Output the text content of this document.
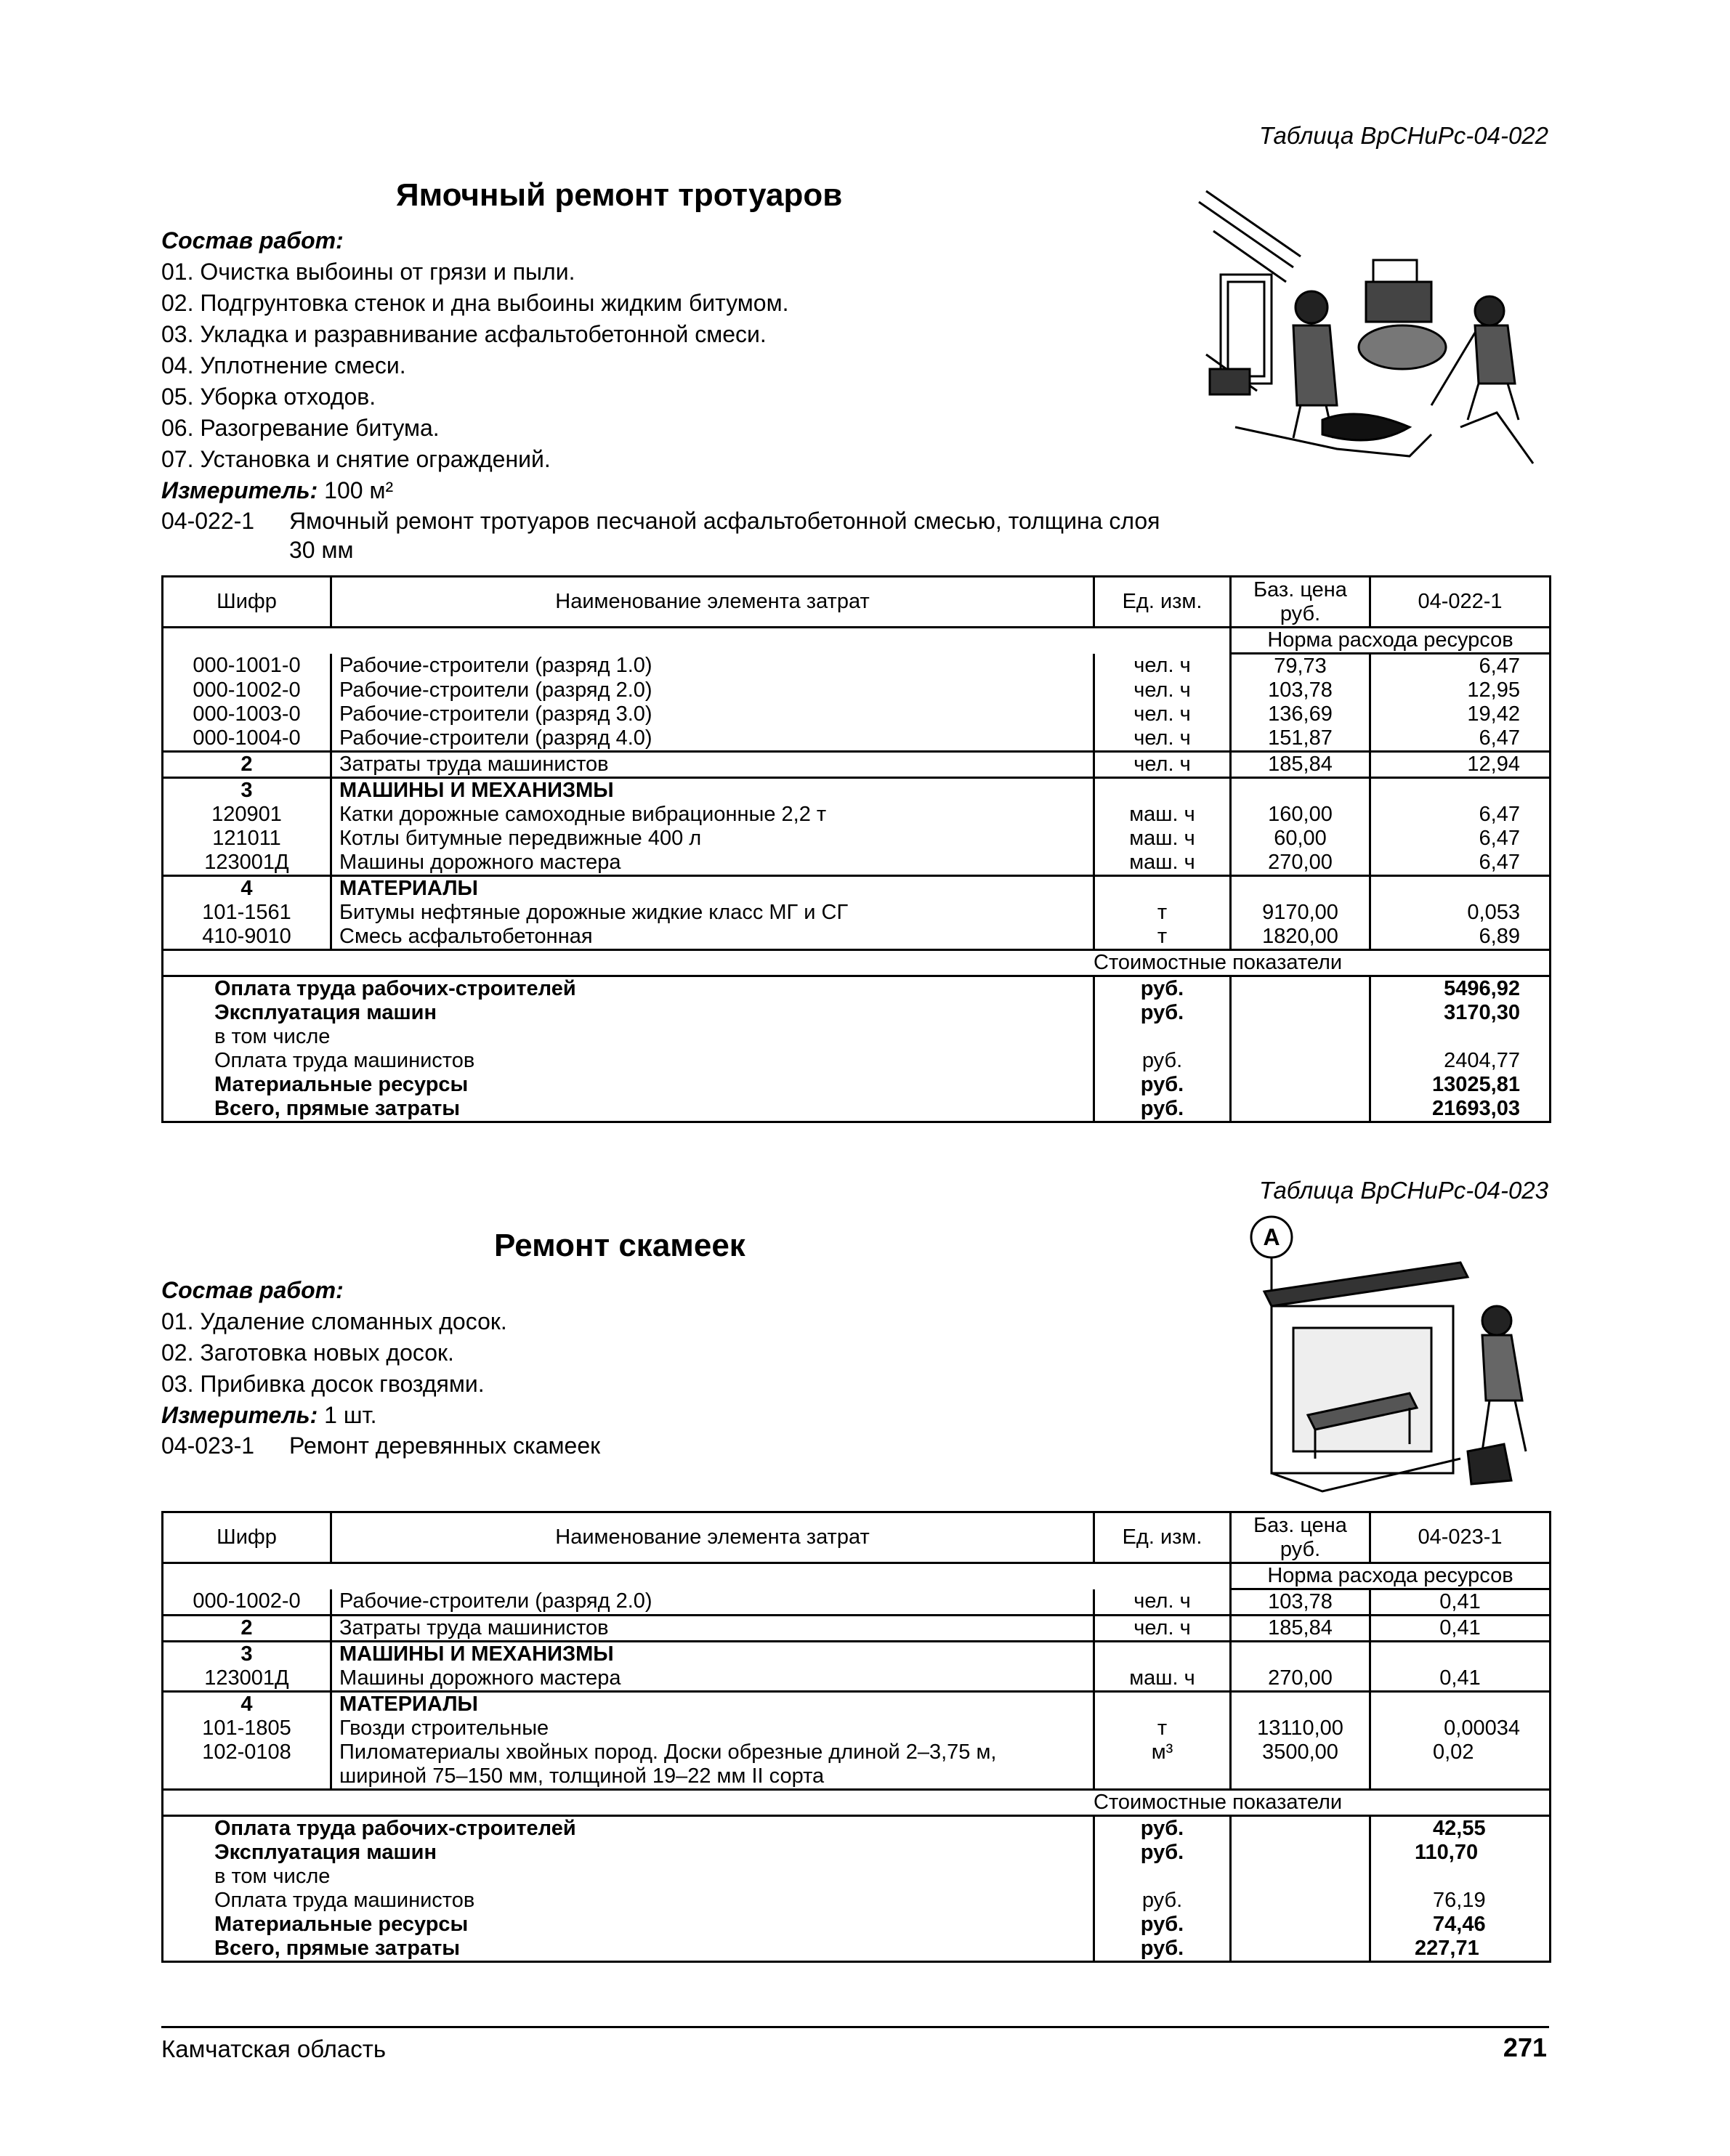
Таблица ВрСНиРс-04-022
Ямочный ремонт тротуаров
Состав работ:
01. Очистка выбоины от грязи и пыли.
02. Подгрунтовка стенок и дна выбоины жидким битумом.
03. Укладка и разравнивание асфальтобетонной смеси.
04. Уплотнение смеси.
05. Уборка отходов.
06. Разогревание битума.
07. Установка и снятие ограждений.
Измеритель: 100 м²
04-022-1 Ямочный ремонт тротуаров песчаной асфальтобетонной смесью, толщина слоя 30 мм
Шифр	Наименование элемента затрат	Ед. изм.	Баз. цена руб.	04-022-1
			Норма расхода ресурсов	
000-1001-0	Рабочие-строители (разряд 1.0)	чел. ч	79,73	6,47
000-1002-0	Рабочие-строители (разряд 2.0)	чел. ч	103,78	12,95
000-1003-0	Рабочие-строители (разряд 3.0)	чел. ч	136,69	19,42
000-1004-0	Рабочие-строители (разряд 4.0)	чел. ч	151,87	6,47
2	Затраты труда машинистов	чел. ч	185,84	12,94
3	МАШИНЫ И МЕХАНИЗМЫ			
120901	Катки дорожные самоходные вибрационные 2,2 т	маш. ч	160,00	6,47
121011	Котлы битумные передвижные 400 л	маш. ч	60,00	6,47
123001Д	Машины дорожного мастера	маш. ч	270,00	6,47
4	МАТЕРИАЛЫ			
101-1561	Битумы нефтяные дорожные жидкие класс МГ и СГ	т	9170,00	0,053
410-9010	Смесь асфальтобетонная	т	1820,00	6,89
Стоимостные показатели				
Оплата труда рабочих-строителей		руб.		5496,92
Эксплуатация машин		руб.		3170,30
в том числе				
Оплата труда машинистов		руб.		2404,77
Материальные ресурсы		руб.		13025,81
Всего, прямые затраты		руб.		21693,03
Таблица ВрСНиРс-04-023
Ремонт скамеек
Состав работ:
01. Удаление сломанных досок.
02. Заготовка новых досок.
03. Прибивка досок гвоздями.
Измеритель: 1 шт.
04-023-1 Ремонт деревянных скамеек
A
Шифр	Наименование элемента затрат	Ед. изм.	Баз. цена руб.	04-023-1
			Норма расхода ресурсов	
000-1002-0	Рабочие-строители (разряд 2.0)	чел. ч	103,78	0,41
2	Затраты труда машинистов	чел. ч	185,84	0,41
3	МАШИНЫ И МЕХАНИЗМЫ			
123001Д	Машины дорожного мастера	маш. ч	270,00	0,41
4	МАТЕРИАЛЫ			
101-1805	Гвозди строительные	т	13110,00	0,00034
102-0108	Пиломатериалы хвойных пород. Доски обрезные длиной 2–3,75 м, шириной 75–150 мм, толщиной 19–22 мм II сорта	м³	3500,00	0,02
Стоимостные показатели				
Оплата труда рабочих-строителей		руб.		42,55
Эксплуатация машин		руб.		110,70
в том числе				
Оплата труда машинистов		руб.		76,19
Материальные ресурсы		руб.		74,46
Всего, прямые затраты		руб.		227,71
Камчатская область	271
